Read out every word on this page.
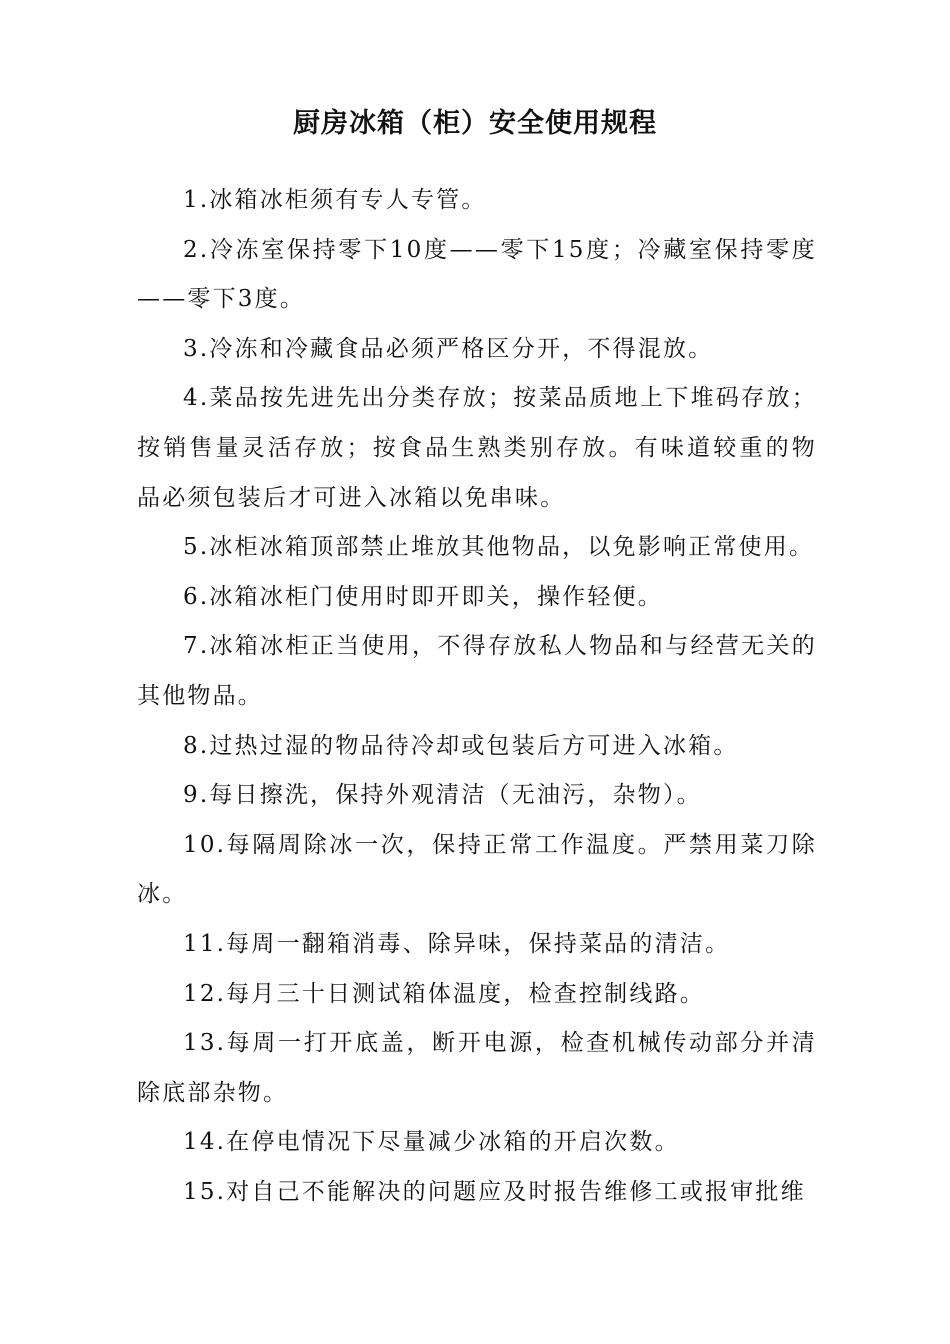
厨房冰箱（柜）安全使用规程

1.冰箱冰柜须有专人专管。

2.冷冻室保持零下10度——零下15度；冷藏室保持零度——零下3度。

3.冷冻和冷藏食品必须严格区分开，不得混放。

4.菜品按先进先出分类存放；按菜品质地上下堆码存放；按销售量灵活存放；按食品生熟类别存放。有味道较重的物品必须包装后才可进入冰箱以免串味。

5.冰柜冰箱顶部禁止堆放其他物品，以免影响正常使用。

6.冰箱冰柜门使用时即开即关，操作轻便。

7.冰箱冰柜正当使用，不得存放私人物品和与经营无关的其他物品。

8.过热过湿的物品待冷却或包装后方可进入冰箱。

9.每日擦洗，保持外观清洁（无油污，杂物）。

10.每隔周除冰一次，保持正常工作温度。严禁用菜刀除冰。

11.每周一翻箱消毒、除异味，保持菜品的清洁。

12.每月三十日测试箱体温度，检查控制线路。

13.每周一打开底盖，断开电源，检查机械传动部分并清除底部杂物。

14.在停电情况下尽量减少冰箱的开启次数。

15.对自己不能解决的问题应及时报告维修工或报审批维
